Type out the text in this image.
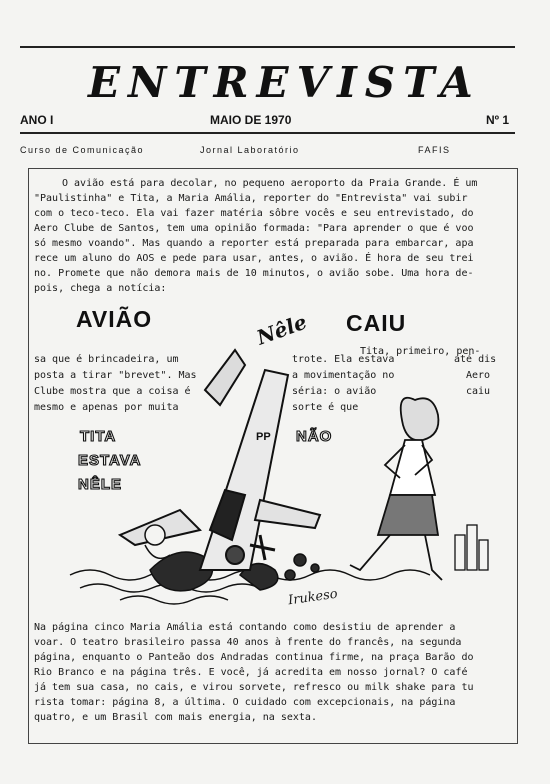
ENTREVISTA
ANO I	MAIO DE 1970	Nº 1
Curso de Comunicação	Jornal Laboratório	FAFIS
O avião está para decolar, no pequeno aeroporto da Praia Grande. É um
"Paulistinha" e Tita, a Maria Amália, reporter do "Entrevista" vai subir
com o teco-teco. Ela vai fazer matéria sôbre vocês e seu entrevistado, do
Aero Clube de Santos, tem uma opinião formada: "Para aprender o que é voo
só mesmo voando". Mas quando a reporter está preparada para embarcar, apa
rece um aluno do AOS e pede para usar, antes, o avião. É hora de seu trei
no. Promete que não demora mais de 10 minutos, o avião sobe. Uma hora de-
pois, chega a notícia:
AVIÃO	CAIU
PP
Nêle
Tita, primeiro, pen-
sa que é brincadeira, um	trote. Ela estava	até dis
posta a tirar "brevet". Mas	a movimentação no	Aero
Clube mostra que a coisa é	séria: o avião	caiu
mesmo e apenas por muita	sorte é que
TITA
ESTAVA
NÊLE
NÃO
Irukeso
Na página cinco Maria Amália está contando como desistiu de aprender a
voar. O teatro brasileiro passa 40 anos à frente do francês, na segunda
página, enquanto o Panteão dos Andradas continua firme, na praça Barão do
Rio Branco e na página três. E você, já acredita em nosso jornal? O café
já tem sua casa, no cais, e virou sorvete, refresco ou milk shake para tu
rista tomar: página 8, a última. O cuidado com excepcionais, na página
quatro, e um Brasil com mais energia, na sexta.
